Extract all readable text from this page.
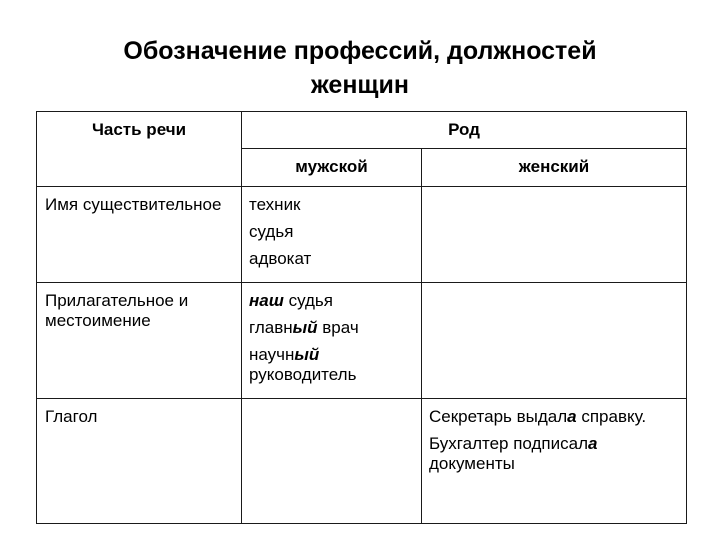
Обозначение профессий, должностей
женщин
Часть речи	Род	
	мужской	женский
Имя существительное	техник
судья
адвокат	

Прилагательное и местоимение	наш судья
главный врач
научный руководитель	

Глагол		Секретарь выдала справку.
Бухгалтер подписала документы
